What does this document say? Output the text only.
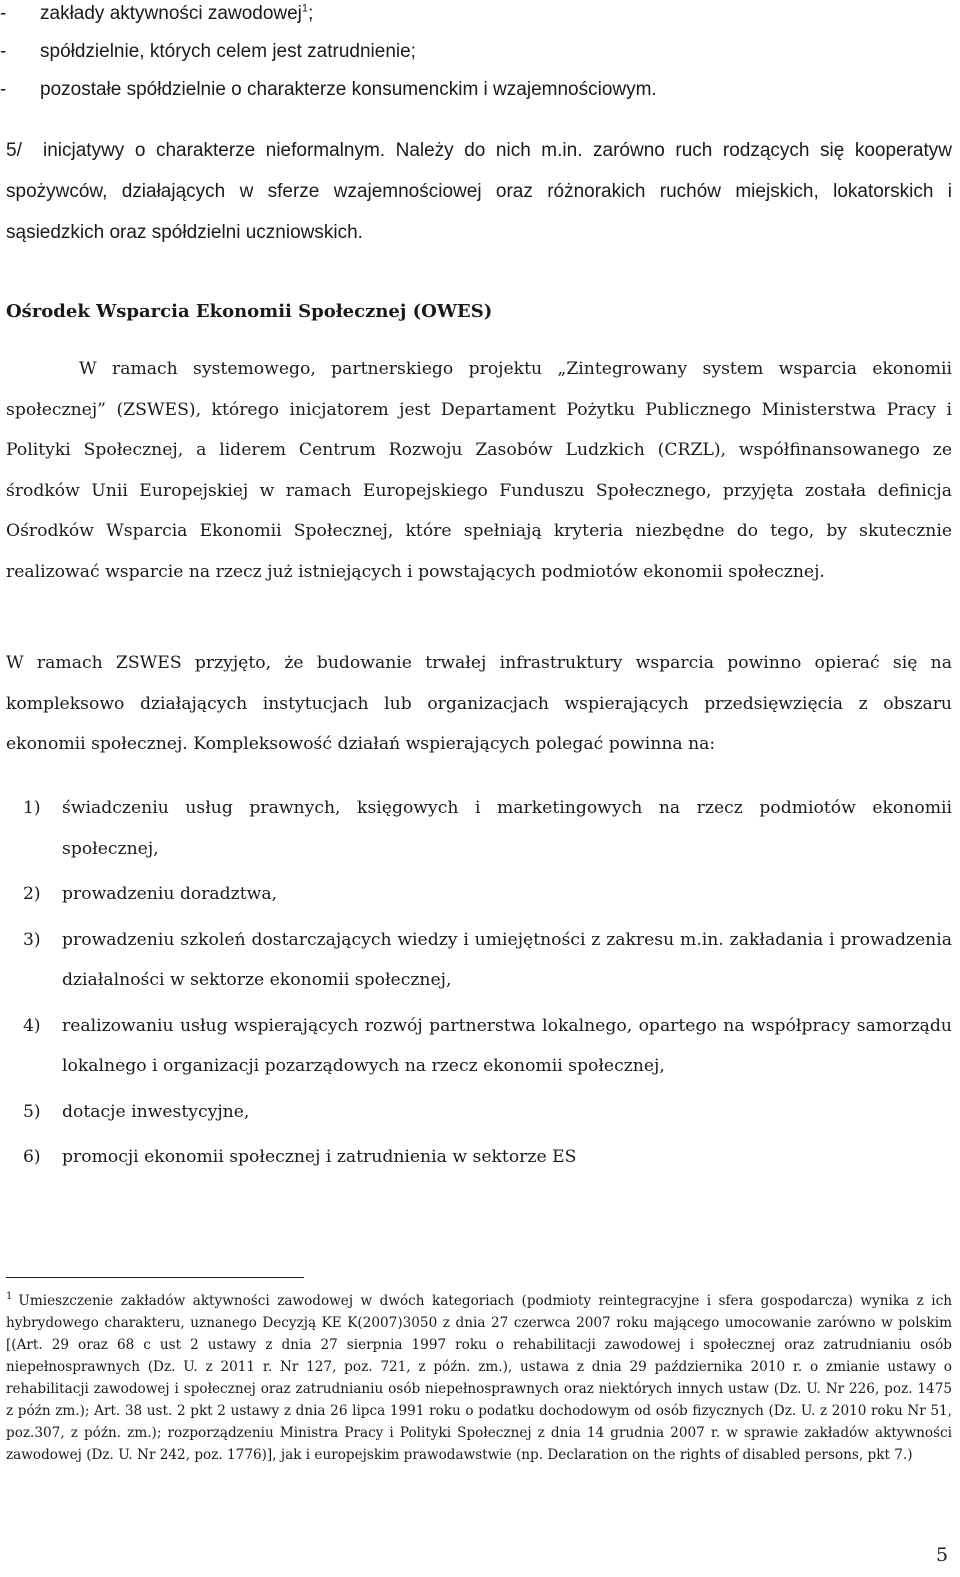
- zakłady aktywności zawodowej$^1$;
- spółdzielnie, których celem jest zatrudnienie;
- pozostałe spółdzielnie o charakterze konsumenckim i wzajemnościowym.
5/ inicjatywy o charakterze nieformalnym. Należy do nich m.in. zarówno ruch rodzących się kooperatyw spożywców, działających w sferze wzajemnościowej oraz różnorakich ruchów miejskich, lokatorskich i sąsiedzkich oraz spółdzielni uczniowskich.
Ośrodek Wsparcia Ekonomii Społecznej (OWES)
W ramach systemowego, partnerskiego projektu „Zintegrowany system wsparcia ekonomii społecznej” (ZSWES), którego inicjatorem jest Departament Pożytku Publicznego Ministerstwa Pracy i Polityki Społecznej, a liderem Centrum Rozwoju Zasobów Ludzkich (CRZL), współfinansowanego ze środków Unii Europejskiej w ramach Europejskiego Funduszu Społecznego, przyjęta została definicja Ośrodków Wsparcia Ekonomii Społecznej, które spełniają kryteria niezbędne do tego, by skutecznie realizować wsparcie na rzecz już istniejących i powstających podmiotów ekonomii społecznej.
W ramach ZSWES przyjęto, że budowanie trwałej infrastruktury wsparcia powinno opierać się na kompleksowo działających instytucjach lub organizacjach wspierających przedsięwzięcia z obszaru ekonomii społecznej. Kompleksowość działań wspierających polegać powinna na:
1) świadczeniu usług prawnych, księgowych i marketingowych na rzecz podmiotów ekonomii społecznej,
2) prowadzeniu doradztwa,
3) prowadzeniu szkoleń dostarczających wiedzy i umiejętności z zakresu m.in. zakładania i prowadzenia działalności w sektorze ekonomii społecznej,
4) realizowaniu usług wspierających rozwój partnerstwa lokalnego, opartego na współpracy samorządu lokalnego i organizacji pozarządowych na rzecz ekonomii społecznej,
5) dotacje inwestycyjne,
6) promocji ekonomii społecznej i zatrudnienia w sektorze ES
$^1$ Umieszczenie zakładów aktywności zawodowej w dwóch kategoriach (podmioty reintegracyjne i sfera gospodarcza) wynika z ich hybrydowego charakteru, uznanego Decyzją KE K(2007)3050 z dnia 27 czerwca 2007 roku mającego umocowanie zarówno w polskim [(Art. 29 oraz 68 c ust 2 ustawy z dnia 27 sierpnia 1997 roku o rehabilitacji zawodowej i społecznej oraz zatrudnianiu osób niepełnosprawnych (Dz. U. z 2011 r. Nr 127, poz. 721, z późn. zm.), ustawa z dnia 29 października 2010 r. o zmianie ustawy o rehabilitacji zawodowej i społecznej oraz zatrudnianiu osób niepełnosprawnych oraz niektórych innych ustaw (Dz. U. Nr 226, poz. 1475 z późn zm.); Art. 38 ust. 2 pkt 2 ustawy z dnia 26 lipca 1991 roku o podatku dochodowym od osób fizycznych (Dz. U. z 2010 roku Nr 51, poz.307, z późn. zm.); rozporządzeniu Ministra Pracy i Polityki Społecznej z dnia 14 grudnia 2007 r. w sprawie zakładów aktywności zawodowej (Dz. U. Nr 242, poz. 1776)], jak i europejskim prawodawstwie (np. Declaration on the rights of disabled persons, pkt 7.)
5
